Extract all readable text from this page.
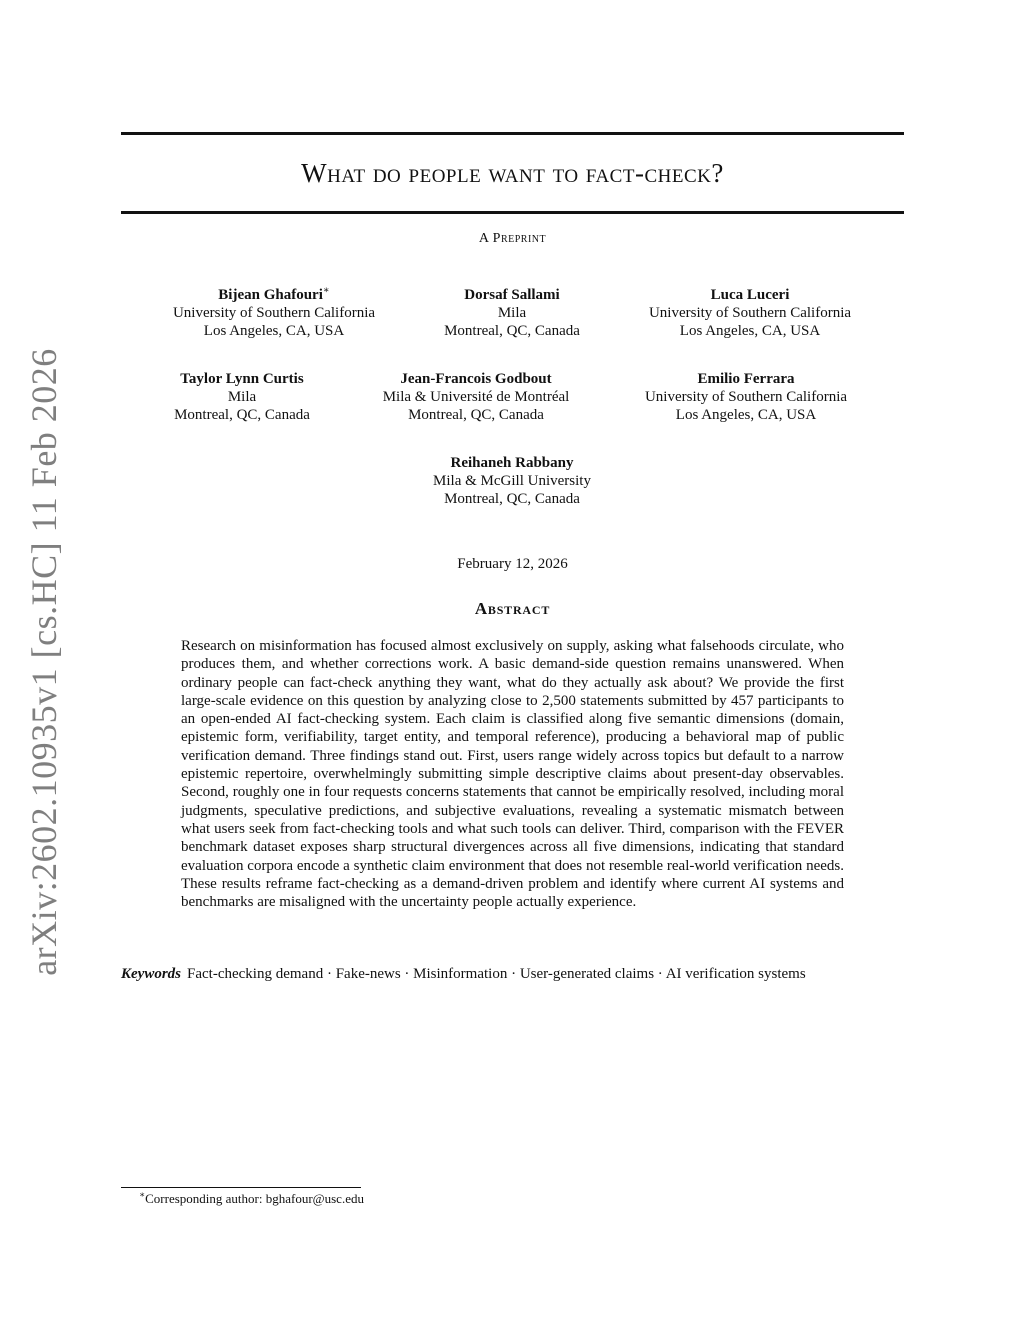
What do people want to fact-check?
A Preprint
Bijean Ghafouri∗
University of Southern California
Los Angeles, CA, USA
Dorsaf Sallami
Mila
Montreal, QC, Canada
Luca Luceri
University of Southern California
Los Angeles, CA, USA
Taylor Lynn Curtis
Mila
Montreal, QC, Canada
Jean-Francois Godbout
Mila & Université de Montréal
Montreal, QC, Canada
Emilio Ferrara
University of Southern California
Los Angeles, CA, USA
Reihaneh Rabbany
Mila & McGill University
Montreal, QC, Canada
February 12, 2026
Abstract
Research on misinformation has focused almost exclusively on supply, asking what falsehoods circulate, who produces them, and whether corrections work. A basic demand-side question remains unanswered. When ordinary people can fact-check anything they want, what do they actually ask about? We provide the first large-scale evidence on this question by analyzing close to 2,500 statements submitted by 457 participants to an open-ended AI fact-checking system. Each claim is classified along five semantic dimensions (domain, epistemic form, verifiability, target entity, and temporal reference), producing a behavioral map of public verification demand. Three findings stand out. First, users range widely across topics but default to a narrow epistemic repertoire, overwhelmingly submitting simple descriptive claims about present-day observables. Second, roughly one in four requests concerns statements that cannot be empirically resolved, including moral judgments, speculative predictions, and subjective evaluations, revealing a systematic mismatch between what users seek from fact-checking tools and what such tools can deliver. Third, comparison with the FEVER benchmark dataset exposes sharp structural divergences across all five dimensions, indicating that standard evaluation corpora encode a synthetic claim environment that does not resemble real-world verification needs. These results reframe fact-checking as a demand-driven problem and identify where current AI systems and benchmarks are misaligned with the uncertainty people actually experience.
Keywords Fact-checking demand · Fake-news · Misinformation · User-generated claims · AI verification systems
∗Corresponding author: bghafour@usc.edu
arXiv:2602.10935v1 [cs.HC] 11 Feb 2026
